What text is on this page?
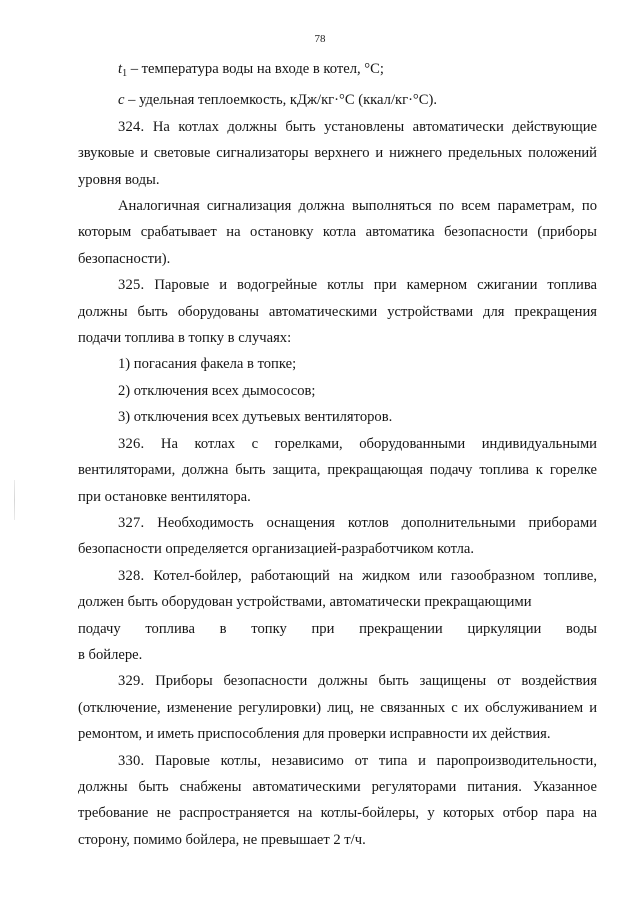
78

$t_1$ – температура воды на входе в котел, °С;

с – удельная теплоемкость, кДж/кг·°С (ккал/кг·°С).

324. На котлах должны быть установлены автоматически действующие звуковые и световые сигнализаторы верхнего и нижнего предельных положений уровня воды.

Аналогичная сигнализация должна выполняться по всем параметрам, по которым срабатывает на остановку котла автоматика безопасности (приборы безопасности).

325. Паровые и водогрейные котлы при камерном сжигании топлива должны быть оборудованы автоматическими устройствами для прекращения подачи топлива в топку в случаях:

1) погасания факела в топке;

2) отключения всех дымососов;

3) отключения всех дутьевых вентиляторов.

326. На котлах с горелками, оборудованными индивидуальными вентиляторами, должна быть защита, прекращающая подачу топлива к горелке при остановке вентилятора.

327. Необходимость оснащения котлов дополнительными приборами безопасности определяется организацией-разработчиком котла.

328. Котел-бойлер, работающий на жидком или газообразном топливе, должен быть оборудован устройствами, автоматически прекращающими

подачу топлива в топку при прекращении циркуляции воды

в бойлере.

329. Приборы безопасности должны быть защищены от воздействия (отключение, изменение регулировки) лиц, не связанных с их обслуживанием и ремонтом, и иметь приспособления для проверки исправности их действия.

330. Паровые котлы, независимо от типа и паропроизводительности, должны быть снабжены автоматическими регуляторами питания. Указанное требование не распространяется на котлы-бойлеры, у которых отбор пара на сторону, помимо бойлера, не превышает 2 т/ч.
